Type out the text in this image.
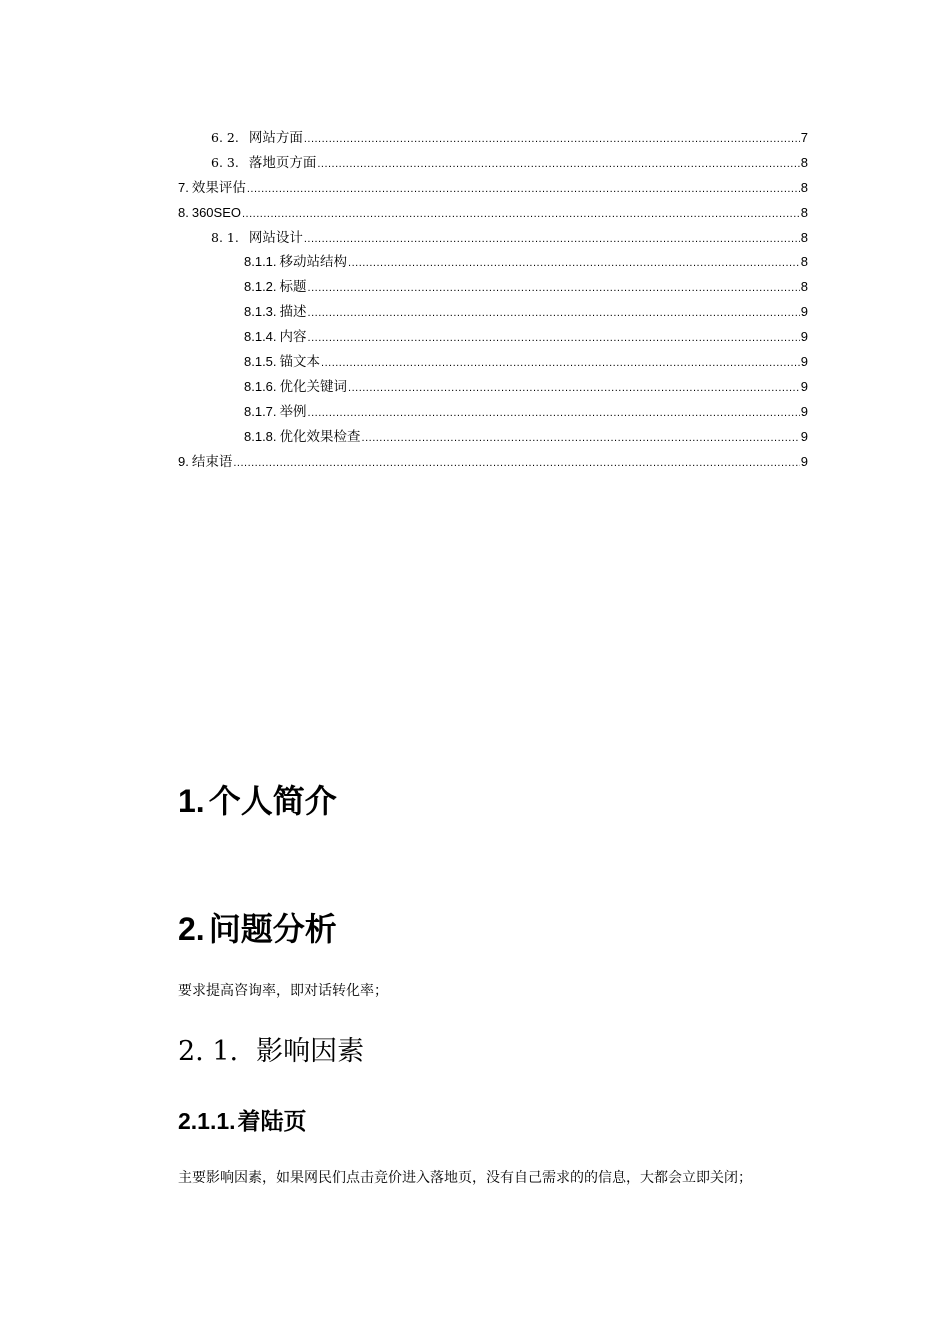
6. 2. 网站方面 .....	7
6. 3. 落地页方面 .....	8
7. 效果评估 .....	8
8. 360SEO .....	8
8. 1. 网站设计 .....	8
8.1.1. 移动站结构 .....	8
8.1.2. 标题 .....	8
8.1.3. 描述 .....	9
8.1.4. 内容 .....	9
8.1.5. 锚文本 .....	9
8.1.6. 优化关键词 .....	9
8.1.7. 举例 .....	9
8.1.8. 优化效果检查 .....	9
9. 结束语 .....	9
1. 个人简介
2. 问题分析
要求提高咨询率，即对话转化率；
2. 1. 影响因素
2.1.1.着陆页
主要影响因素，如果网民们点击竞价进入落地页，没有自己需求的的信息，大都会立即关闭；
